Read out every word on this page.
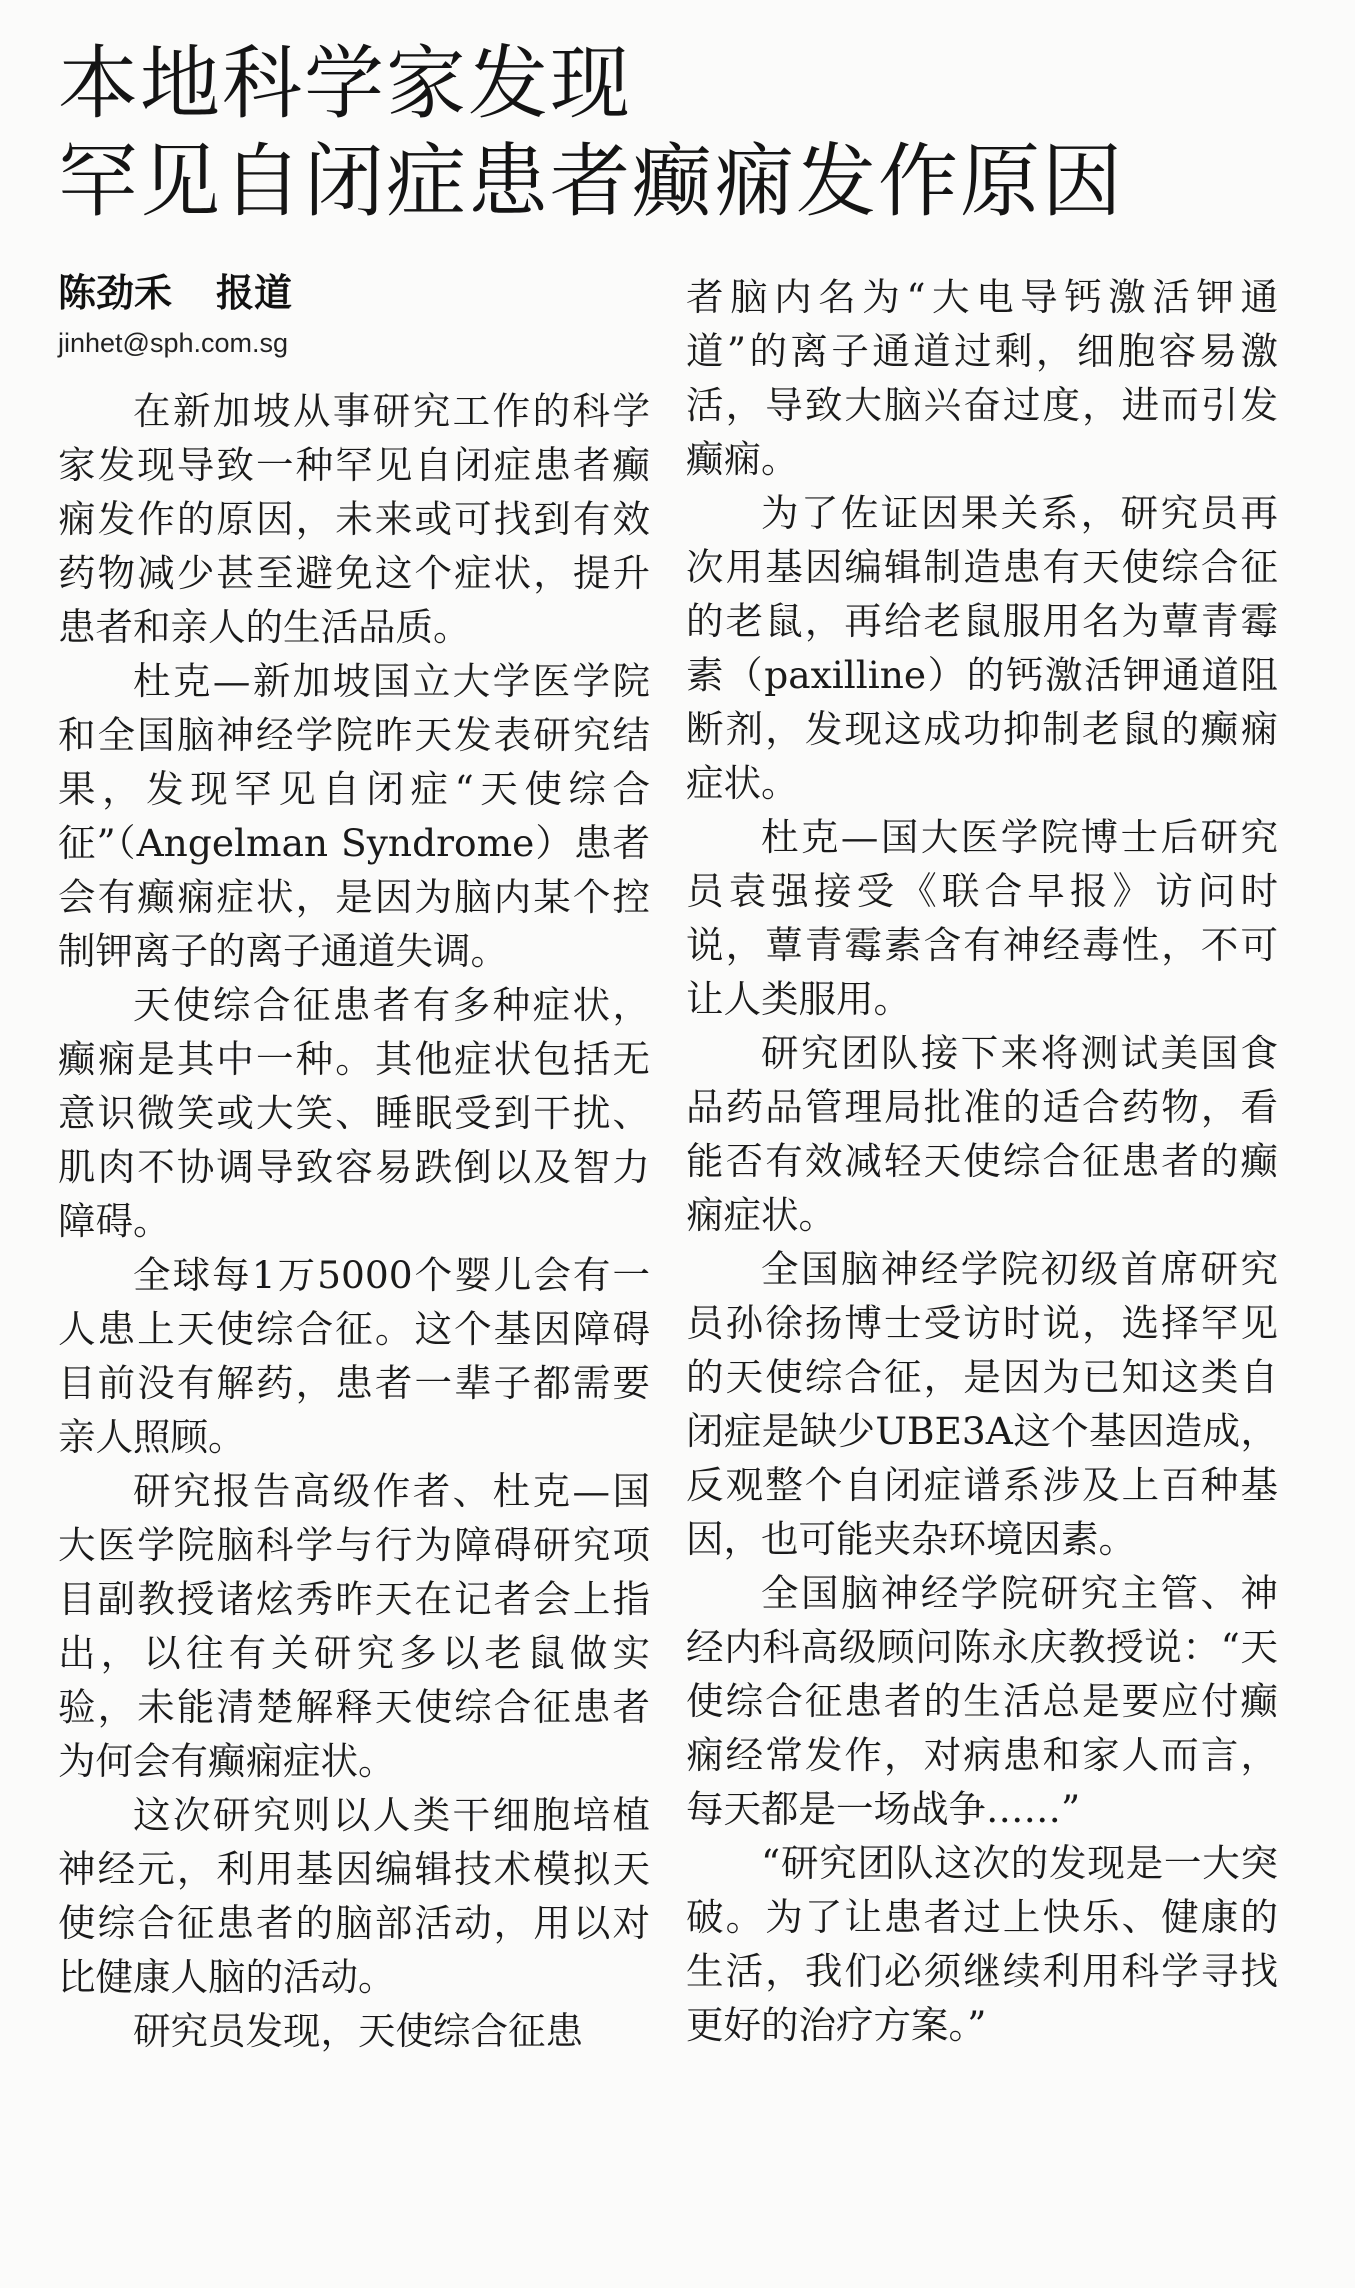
本地科学家发现
罕见自闭症患者癫痫发作原因
陈劲禾 报道
jinhet@sph.com.sg

在新加坡从事研究工作的科学家发现导致一种罕见自闭症患者癫痫发作的原因，未来或可找到有效药物减少甚至避免这个症状，提升患者和亲人的生活品质。

杜克—新加坡国立大学医学院和全国脑神经学院昨天发表研究结果，发现罕见自闭症“天使综合征”（Angelman Syndrome）患者会有癫痫症状，是因为脑内某个控制钾离子的离子通道失调。

天使综合征患者有多种症状，癫痫是其中一种。其他症状包括无意识微笑或大笑、睡眠受到干扰、肌肉不协调导致容易跌倒以及智力障碍。

全球每1万5000个婴儿会有一人患上天使综合征。这个基因障碍目前没有解药，患者一辈子都需要亲人照顾。

研究报告高级作者、杜克—国大医学院脑科学与行为障碍研究项目副教授诸炫秀昨天在记者会上指出，以往有关研究多以老鼠做实验，未能清楚解释天使综合征患者为何会有癫痫症状。

这次研究则以人类干细胞培植神经元，利用基因编辑技术模拟天使综合征患者的脑部活动，用以对比健康人脑的活动。

研究员发现，天使综合征患

者脑内名为“大电导钙激活钾通道”的离子通道过剩，细胞容易激活，导致大脑兴奋过度，进而引发癫痫。

为了佐证因果关系，研究员再次用基因编辑制造患有天使综合征的老鼠，再给老鼠服用名为蕈青霉素（paxilline）的钙激活钾通道阻断剂，发现这成功抑制老鼠的癫痫症状。

杜克—国大医学院博士后研究员袁强接受《联合早报》访问时说，蕈青霉素含有神经毒性，不可让人类服用。

研究团队接下来将测试美国食品药品管理局批准的适合药物，看能否有效减轻天使综合征患者的癫痫症状。

全国脑神经学院初级首席研究员孙徐扬博士受访时说，选择罕见的天使综合征，是因为已知这类自闭症是缺少UBE3A这个基因造成，反观整个自闭症谱系涉及上百种基因，也可能夹杂环境因素。

全国脑神经学院研究主管、神经内科高级顾问陈永庆教授说：“天使综合征患者的生活总是要应付癫痫经常发作，对病患和家人而言，每天都是一场战争……”

“研究团队这次的发现是一大突破。为了让患者过上快乐、健康的生活，我们必须继续利用科学寻找更好的治疗方案。”
